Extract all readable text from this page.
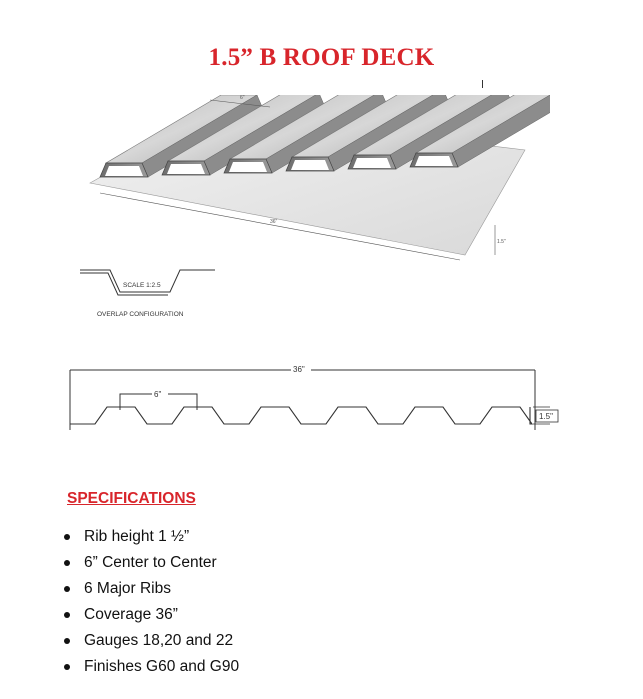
1.5” B ROOF DECK
6"
36"
1.5"
SCALE 1:2.5
OVERLAP CONFIGURATION
36"
6"
1.5"
SPECIFICATIONS
Rib height 1 ½”
6” Center to Center
6 Major Ribs
Coverage 36”
Gauges 18,20 and 22
Finishes G60 and G90
